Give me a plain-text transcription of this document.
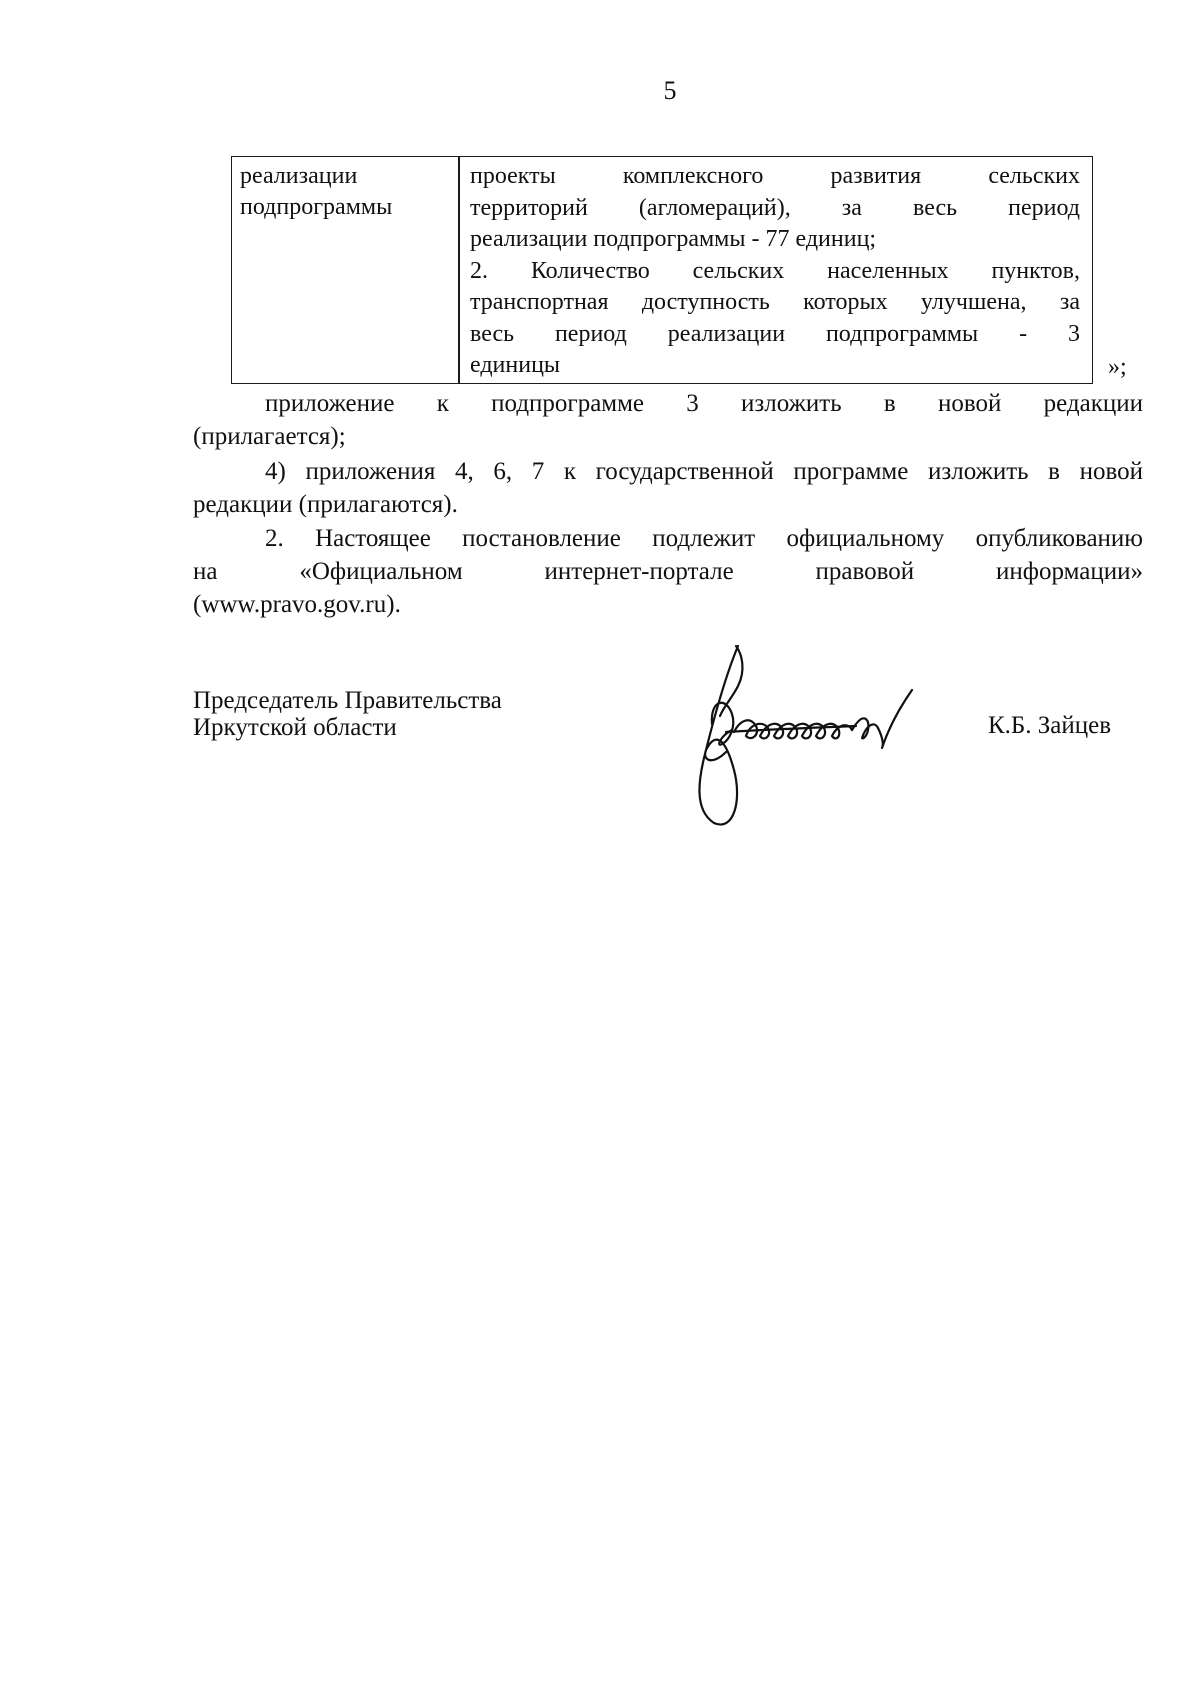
5
реализации
подпрограммы
проекты комплексного развития сельских
территорий (агломераций), за весь период
реализации подпрограммы - 77 единиц;
2. Количество сельских населенных пунктов,
транспортная доступность которых улучшена, за
весь период реализации подпрограммы - 3
единицы	»;
приложение к подпрограмме 3 изложить в новой редакции
(прилагается);
4) приложения 4, 6, 7 к государственной программе изложить в новой
редакции (прилагаются).
2. Настоящее постановление подлежит официальному опубликованию
на «Официальном интернет-портале правовой информации»
(www.pravo.gov.ru).
Председатель Правительства
Иркутской области	К.Б. Зайцев
